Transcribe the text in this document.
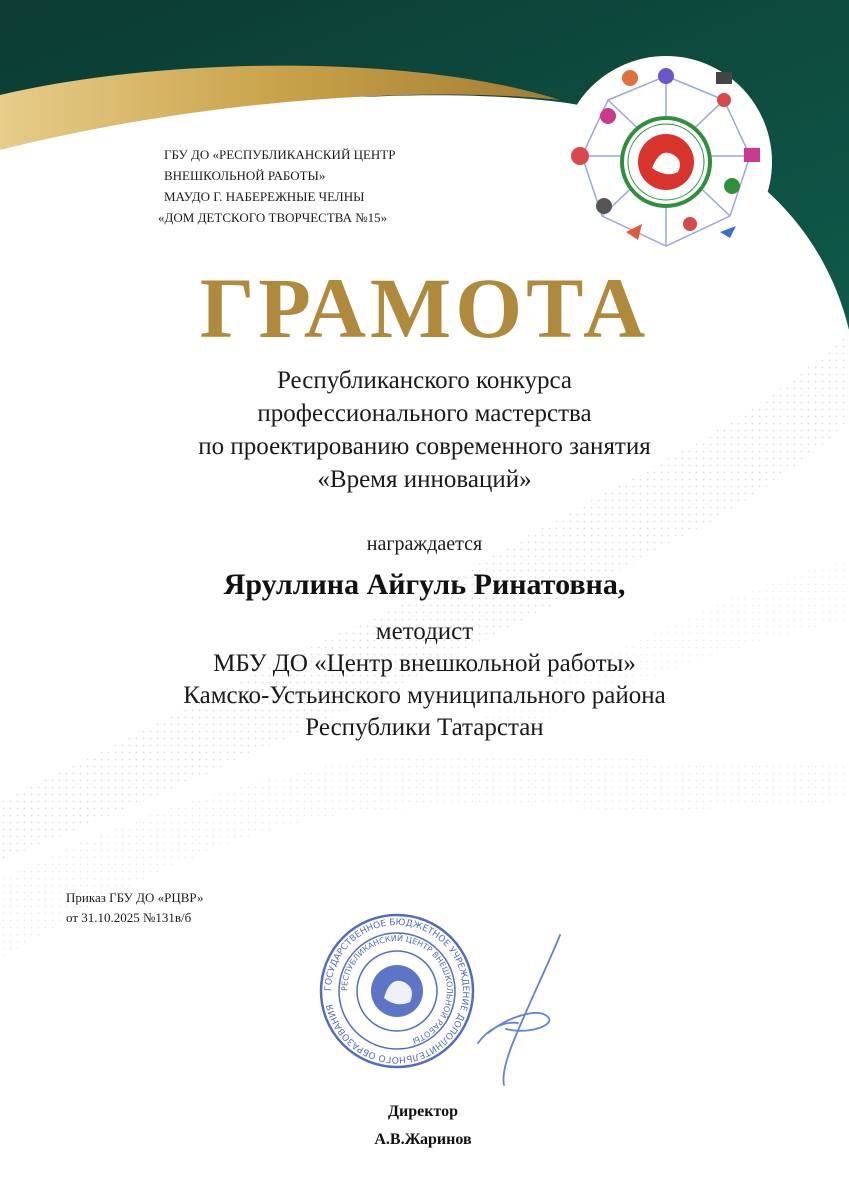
ГБУ ДО «РЕСПУБЛИКАНСКИЙ ЦЕНТР
ВНЕШКОЛЬНОЙ РАБОТЫ»
МАУДО Г. НАБЕРЕЖНЫЕ ЧЕЛНЫ
«ДОМ ДЕТСКОГО ТВОРЧЕСТВА №15»
ГРАМОТА
Республиканского конкурса
профессионального мастерства
по проектированию современного занятия
«Время инноваций»
награждается
Яруллина Айгуль Ринатовна,
методист
МБУ ДО «Центр внешкольной работы»
Камско-Устьинского муниципального района
Республики Татарстан
Приказ ГБУ ДО «РЦВР»
от 31.10.2025 №131в/б
ГОСУДАРСТВЕННОЕ БЮДЖЕТНОЕ УЧРЕЖДЕНИЕ ДОПОЛНИТЕЛЬНОГО ОБРАЗОВАНИЯ
РЕСПУБЛИКАНСКИЙ ЦЕНТР ВНЕШКОЛЬНОЙ РАБОТЫ
Директор
А.В.Жаринов
